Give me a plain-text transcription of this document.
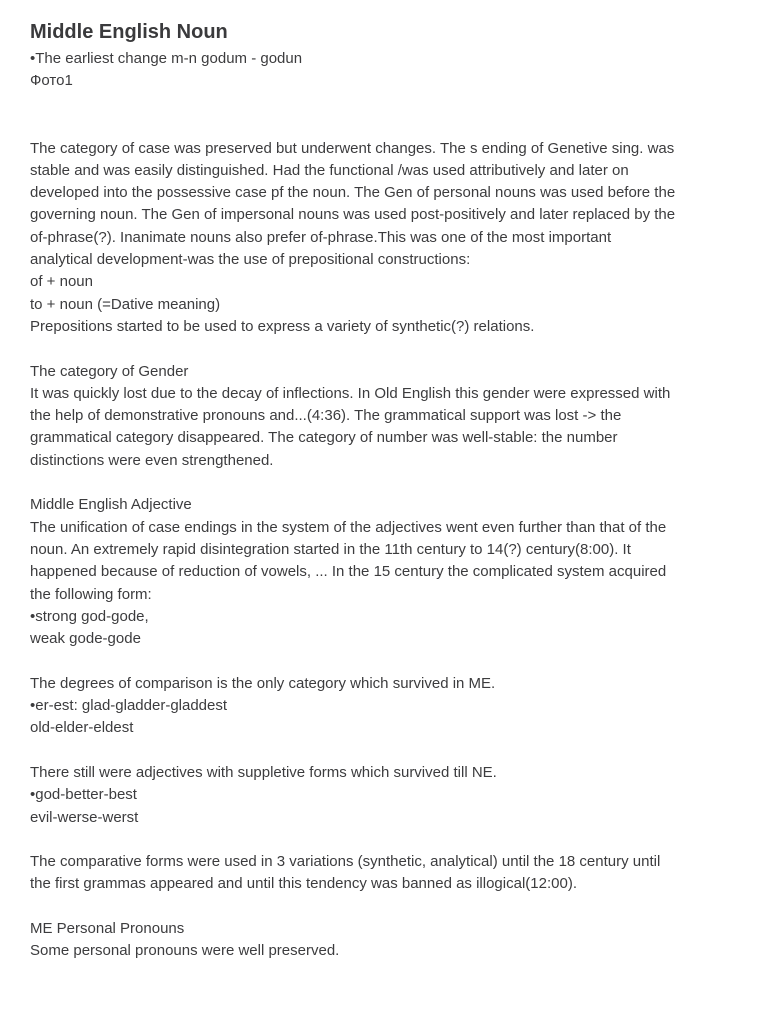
Middle English Noun

•The earliest change m-n godum - godun

Фото1

The category of case was preserved but underwent changes. The s ending of Genetive sing. was

stable and was easily distinguished. Had the functional /was used attributively and later on

developed into the possessive case pf the noun. The Gen of personal nouns was used before the

governing noun. The Gen of impersonal nouns was used post-positively and later replaced by the

of-phrase(?). Inanimate nouns also prefer of-phrase.This was one of the most important

analytical development-was the use of prepositional constructions:

of + noun

to + noun (=Dative meaning)

Prepositions started to be used to express a variety of synthetic(?) relations.

The category of Gender

It was quickly lost due to the decay of inflections. In Old English this gender were expressed with

the help of demonstrative pronouns and...(4:36). The grammatical support was lost -> the

grammatical category disappeared. The category of number was well-stable: the number

distinctions were even strengthened.

Middle English Adjective

The unification of case endings in the system of the adjectives went even further than that of the

noun. An extremely rapid disintegration started in the 11th century to 14(?) century(8:00). It

happened because of reduction of vowels, ... In the 15 century the complicated system acquired

the following form:

•strong god-gode,

weak gode-gode

The degrees of comparison is the only category which survived in ME.

•er-est: glad-gladder-gladdest

old-elder-eldest

There still were adjectives with suppletive forms which survived till NE.

•god-better-best

evil-werse-werst

The comparative forms were used in 3 variations (synthetic, analytical) until the 18 century until

the first grammas appeared and until this tendency was banned as illogical(12:00).

ME Personal Pronouns

Some personal pronouns were well preserved.
